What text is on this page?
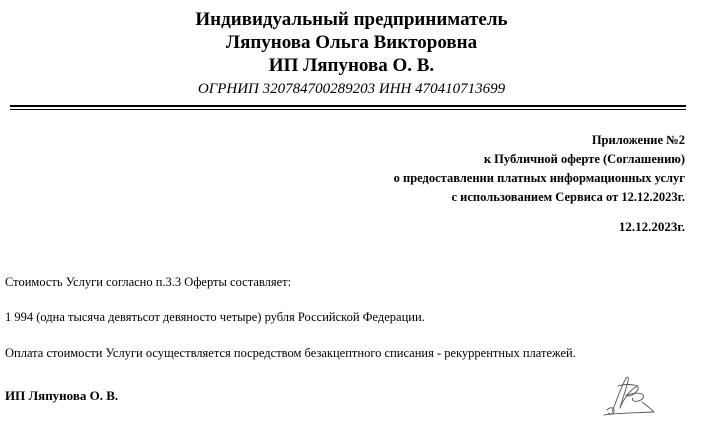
Индивидуальный предприниматель
Ляпунова Ольга Викторовна
ИП Ляпунова О. В.
ОГРНИП 320784700289203 ИНН 470410713699
Приложение №2
к Публичной оферте (Соглашению)
о предоставлении платных информационных услуг
с использованием Сервиса от 12.12.2023г.
12.12.2023г.
Стоимость Услуги согласно п.3.3 Оферты составляет:
1 994 (одна тысяча девятьсот девяносто четыре) рубля Российской Федерации.
Оплата стоимости Услуги осуществляется посредством безакцептного списания - рекуррентных платежей.
ИП Ляпунова О. В.
